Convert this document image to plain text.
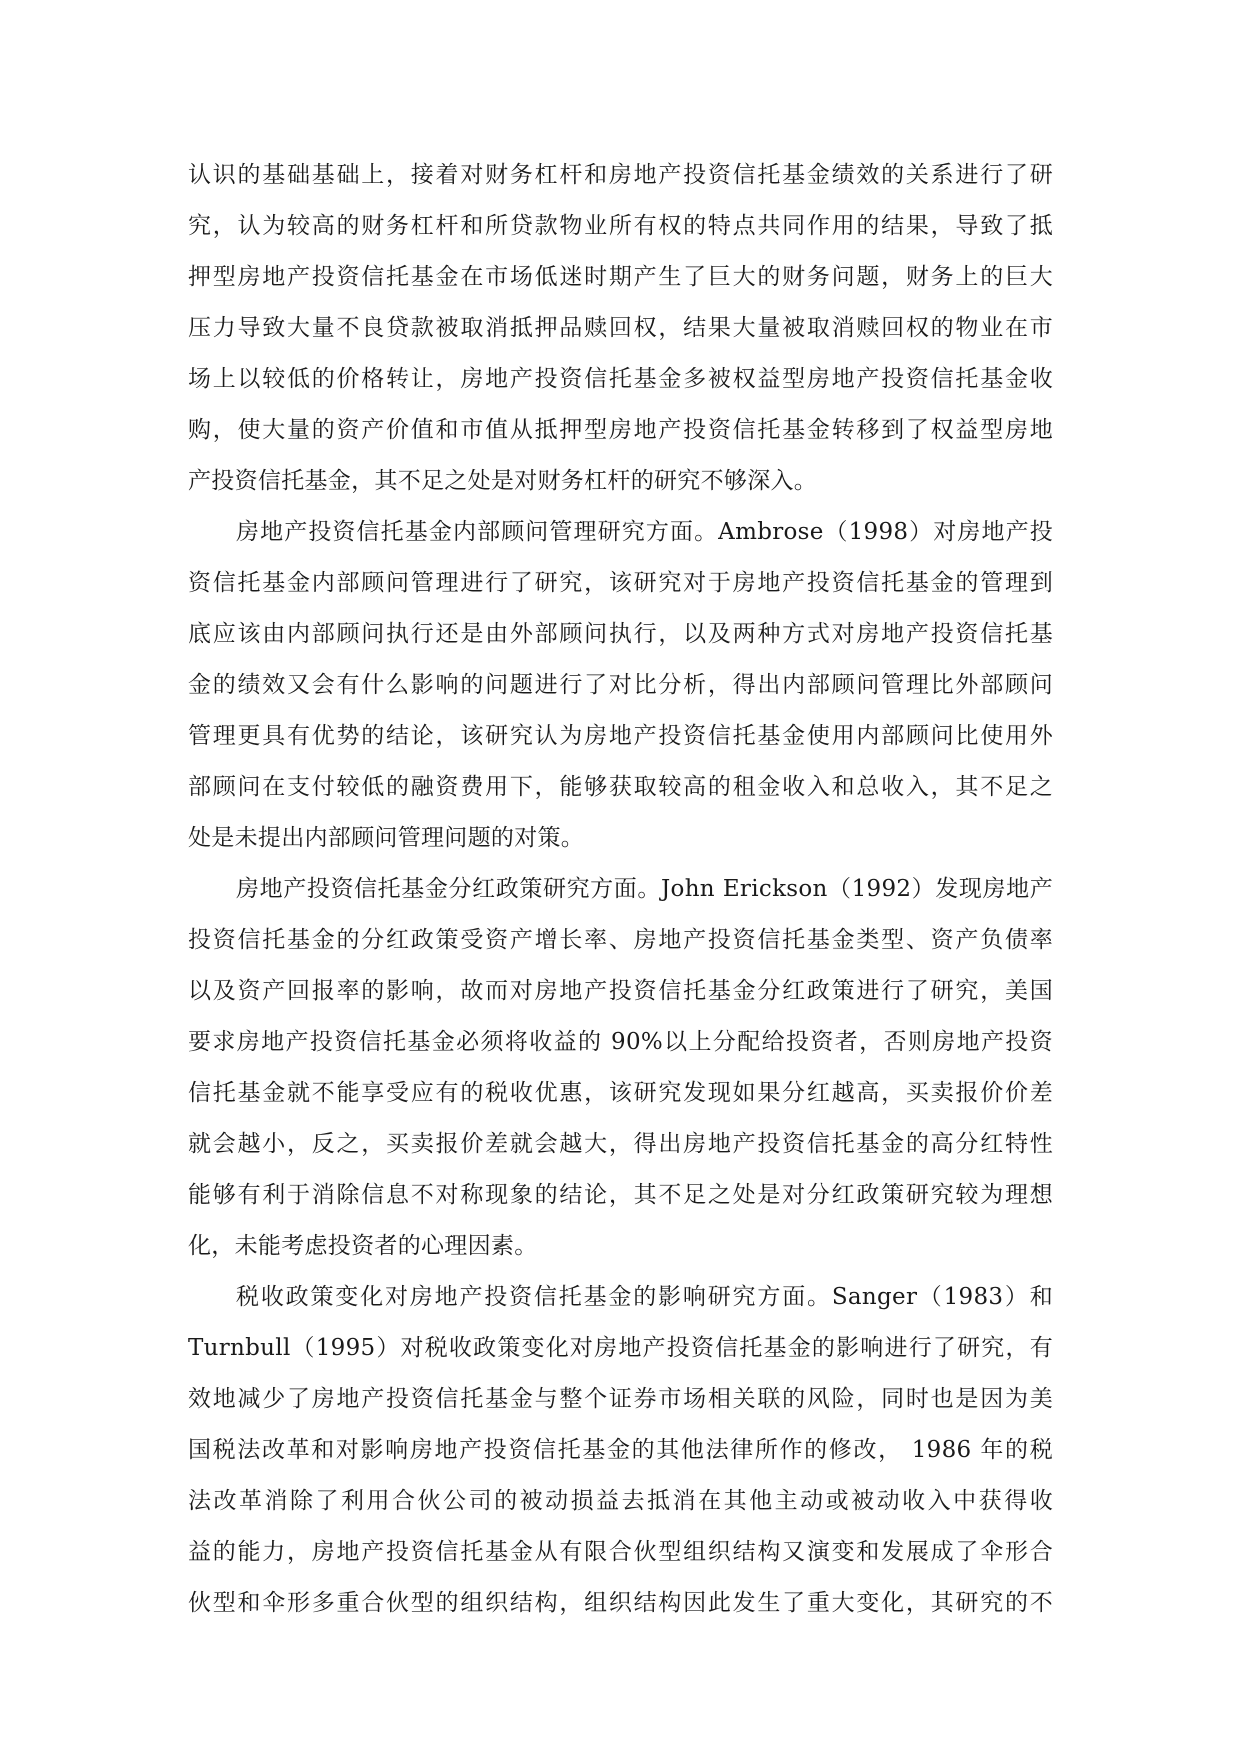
认识的基础基础上，接着对财务杠杆和房地产投资信托基金绩效的关系进行了研
究，认为较高的财务杠杆和所贷款物业所有权的特点共同作用的结果，导致了抵
押型房地产投资信托基金在市场低迷时期产生了巨大的财务问题，财务上的巨大
压力导致大量不良贷款被取消抵押品赎回权，结果大量被取消赎回权的物业在市
场上以较低的价格转让，房地产投资信托基金多被权益型房地产投资信托基金收
购，使大量的资产价值和市值从抵押型房地产投资信托基金转移到了权益型房地
产投资信托基金，其不足之处是对财务杠杆的研究不够深入。
房地产投资信托基金内部顾问管理研究方面。Ambrose（1998）对房地产投
资信托基金内部顾问管理进行了研究，该研究对于房地产投资信托基金的管理到
底应该由内部顾问执行还是由外部顾问执行，以及两种方式对房地产投资信托基
金的绩效又会有什么影响的问题进行了对比分析，得出内部顾问管理比外部顾问
管理更具有优势的结论，该研究认为房地产投资信托基金使用内部顾问比使用外
部顾问在支付较低的融资费用下，能够获取较高的租金收入和总收入，其不足之
处是未提出内部顾问管理问题的对策。
房地产投资信托基金分红政策研究方面。John Erickson（1992）发现房地产
投资信托基金的分红政策受资产增长率、房地产投资信托基金类型、资产负债率
以及资产回报率的影响，故而对房地产投资信托基金分红政策进行了研究，美国
要求房地产投资信托基金必须将收益的 90%以上分配给投资者，否则房地产投资
信托基金就不能享受应有的税收优惠，该研究发现如果分红越高，买卖报价价差
就会越小，反之，买卖报价差就会越大，得出房地产投资信托基金的高分红特性
能够有利于消除信息不对称现象的结论，其不足之处是对分红政策研究较为理想
化，未能考虑投资者的心理因素。
税收政策变化对房地产投资信托基金的影响研究方面。Sanger（1983）和
Turnbull（1995）对税收政策变化对房地产投资信托基金的影响进行了研究，有
效地减少了房地产投资信托基金与整个证券市场相关联的风险，同时也是因为美
国税法改革和对影响房地产投资信托基金的其他法律所作的修改， 1986 年的税
法改革消除了利用合伙公司的被动损益去抵消在其他主动或被动收入中获得收
益的能力，房地产投资信托基金从有限合伙型组织结构又演变和发展成了伞形合
伙型和伞形多重合伙型的组织结构，组织结构因此发生了重大变化，其研究的不
